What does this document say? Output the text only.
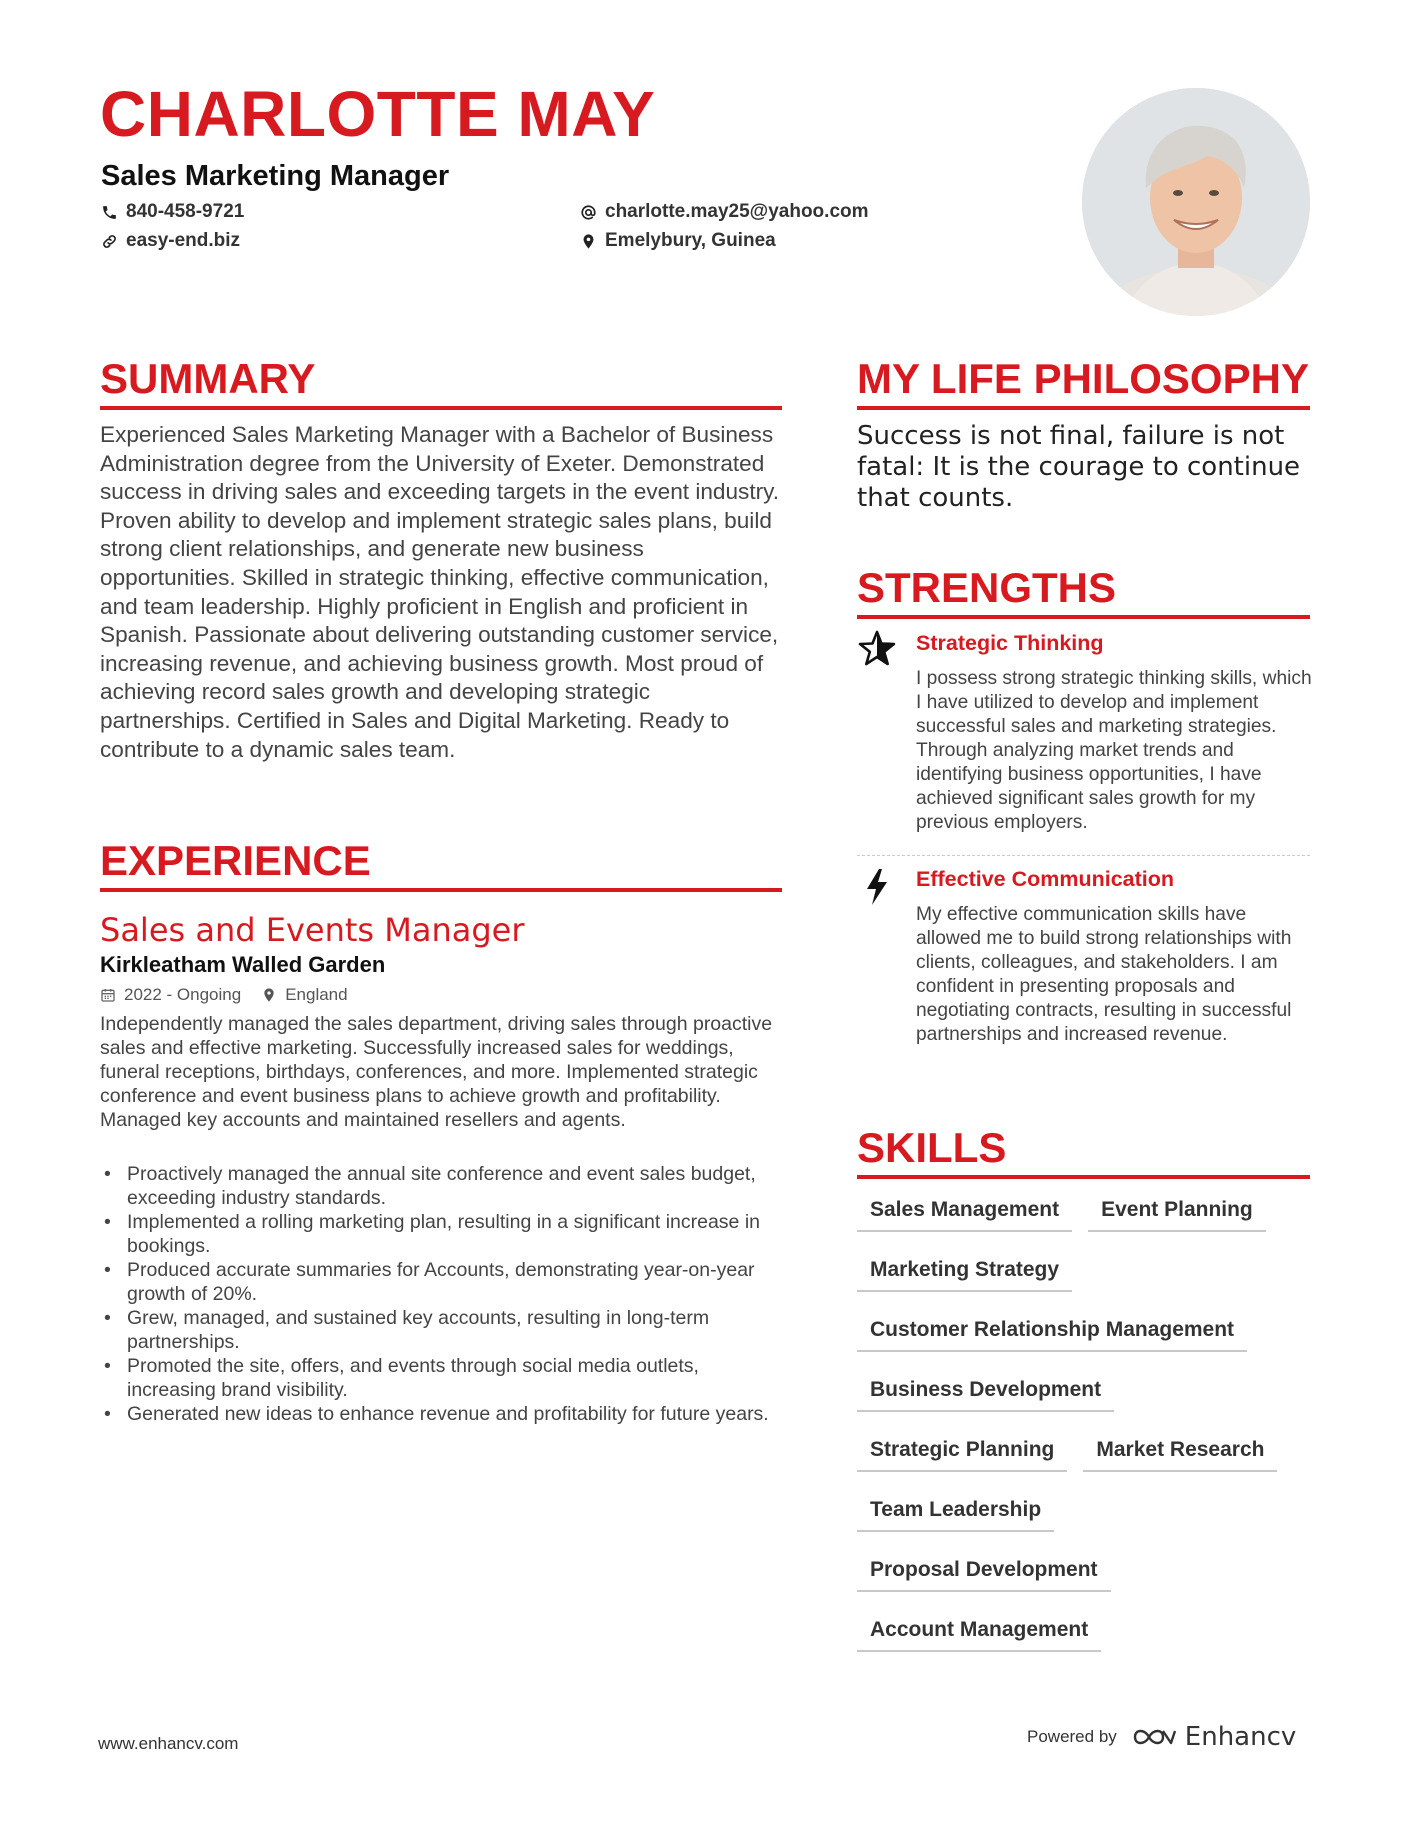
CHARLOTTE MAY
Sales Marketing Manager
840-458-9721
easy-end.biz
charlotte.may25@yahoo.com
Emelybury, Guinea
SUMMARY
Experienced Sales Marketing Manager with a Bachelor of Business Administration degree from the University of Exeter. Demonstrated success in driving sales and exceeding targets in the event industry. Proven ability to develop and implement strategic sales plans, build strong client relationships, and generate new business opportunities. Skilled in strategic thinking, effective communication, and team leadership. Highly proficient in English and proficient in Spanish. Passionate about delivering outstanding customer service, increasing revenue, and achieving business growth. Most proud of achieving record sales growth and developing strategic partnerships. Certified in Sales and Digital Marketing. Ready to contribute to a dynamic sales team.
EXPERIENCE
Sales and Events Manager
Kirkleatham Walled Garden
2022 - Ongoing	England
Independently managed the sales department, driving sales through proactive sales and effective marketing. Successfully increased sales for weddings, funeral receptions, birthdays, conferences, and more. Implemented strategic conference and event business plans to achieve growth and profitability. Managed key accounts and maintained resellers and agents.
• Proactively managed the annual site conference and event sales budget, exceeding industry standards.
• Implemented a rolling marketing plan, resulting in a significant increase in bookings.
• Produced accurate summaries for Accounts, demonstrating year-on-year growth of 20%.
• Grew, managed, and sustained key accounts, resulting in long-term partnerships.
• Promoted the site, offers, and events through social media outlets, increasing brand visibility.
• Generated new ideas to enhance revenue and profitability for future years.
MY LIFE PHILOSOPHY
Success is not final, failure is not fatal: It is the courage to continue that counts.
STRENGTHS
Strategic Thinking
I possess strong strategic thinking skills, which I have utilized to develop and implement successful sales and marketing strategies. Through analyzing market trends and identifying business opportunities, I have achieved significant sales growth for my previous employers.
Effective Communication
My effective communication skills have allowed me to build strong relationships with clients, colleagues, and stakeholders. I am confident in presenting proposals and negotiating contracts, resulting in successful partnerships and increased revenue.
SKILLS
Sales Management	Event Planning
Marketing Strategy
Customer Relationship Management
Business Development
Strategic Planning	Market Research
Team Leadership
Proposal Development
Account Management
www.enhancv.com	Powered by	Enhancv
